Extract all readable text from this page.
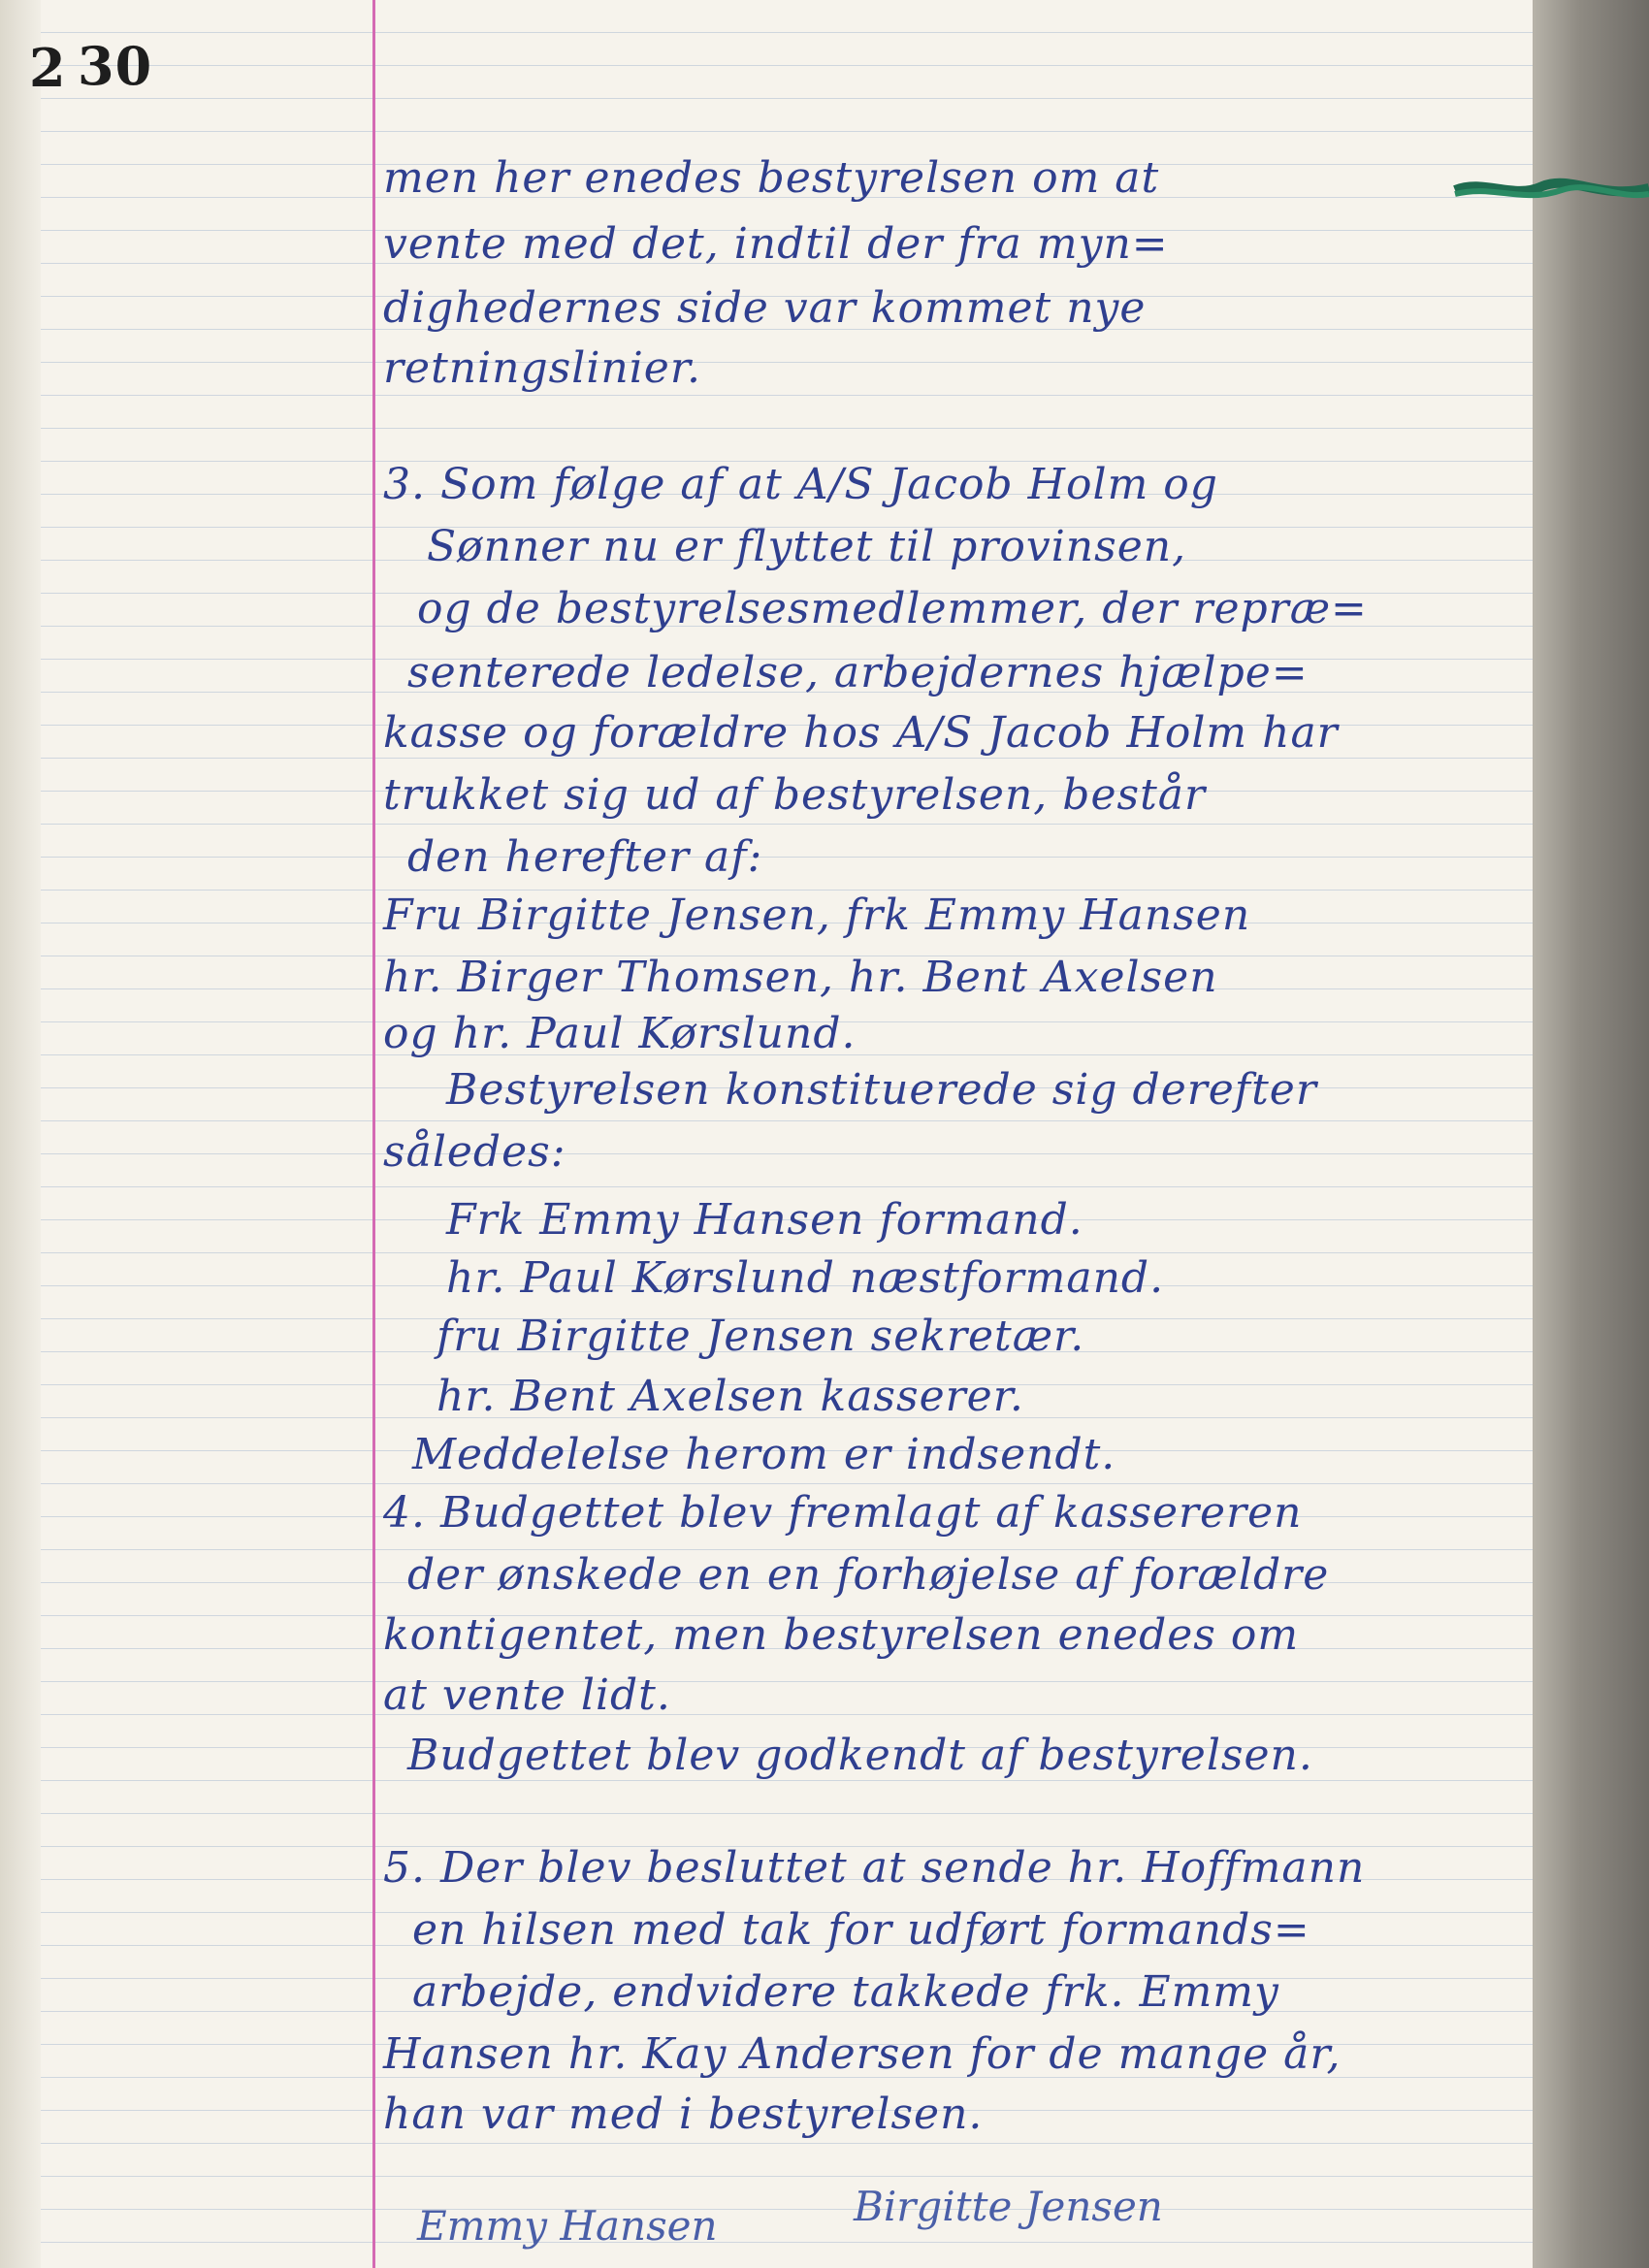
2 30
men her enedes bestyrelsen om at
vente med det, indtil der fra myn=
dighedernes side var kommet nye
retningslinier.
3. Som følge af at A/S Jacob Holm og
Sønner nu er flyttet til provinsen,
og de bestyrelsesmedlemmer, der repræ=
senterede ledelse, arbejdernes hjælpe=
kasse og forældre hos A/S Jacob Holm har
trukket sig ud af bestyrelsen, består
den herefter af:
Fru Birgitte Jensen, frk Emmy Hansen
hr. Birger Thomsen, hr. Bent Axelsen
og hr. Paul Kørslund.
Bestyrelsen konstituerede sig derefter
således:
Frk Emmy Hansen formand.
hr. Paul Kørslund næstformand.
fru Birgitte Jensen sekretær.
hr. Bent Axelsen kasserer.
Meddelelse herom er indsendt.
4. Budgettet blev fremlagt af kassereren
der ønskede en en forhøjelse af forældre
kontigentet, men bestyrelsen enedes om
at vente lidt.
Budgettet blev godkendt af bestyrelsen.
5. Der blev besluttet at sende hr. Hoffmann
en hilsen med tak for udført formands=
arbejde, endvidere takkede frk. Emmy
Hansen hr. Kay Andersen for de mange år,
han var med i bestyrelsen.
Emmy Hansen	Birgitte Jensen
